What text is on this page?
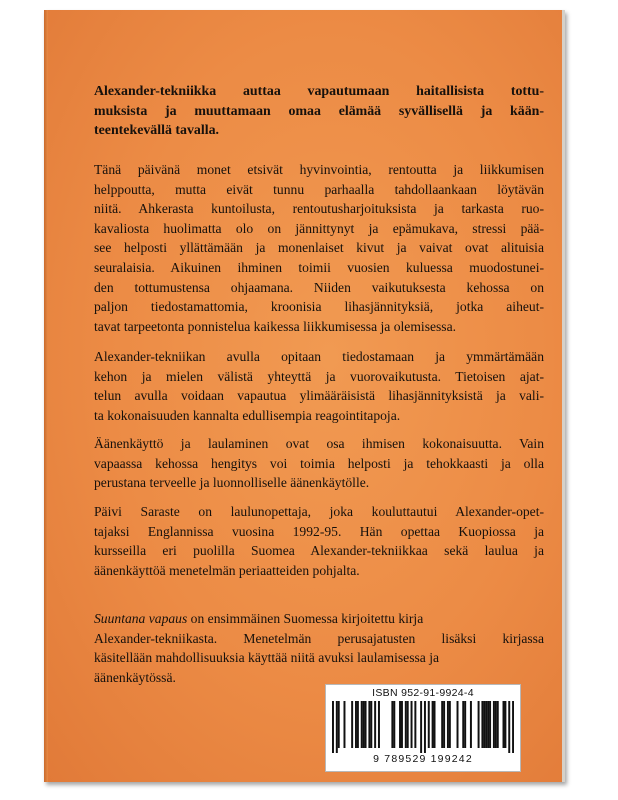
Alexander-tekniikka auttaa vapautumaan haitallisista tottu-
muksista ja muuttamaan omaa elämää syvällisellä ja kään-
teentekevällä tavalla.

Tänä päivänä monet etsivät hyvinvointia, rentoutta ja liikkumisen
helppoutta, mutta eivät tunnu parhaalla tahdollaankaan löytävän
niitä. Ahkerasta kuntoilusta, rentoutusharjoituksista ja tarkasta ruo-
kavaliosta huolimatta olo on jännittynyt ja epämukava, stressi pää-
see helposti yllättämään ja monenlaiset kivut ja vaivat ovat alituisia
seuralaisia. Aikuinen ihminen toimii vuosien kuluessa muodostunei-
den tottumustensa ohjaamana. Niiden vaikutuksesta kehossa on
paljon tiedostamattomia, kroonisia lihasjännityksiä, jotka aiheut-
tavat tarpeetonta ponnistelua kaikessa liikkumisessa ja olemisessa.

Alexander-tekniikan avulla opitaan tiedostamaan ja ymmärtämään
kehon ja mielen välistä yhteyttä ja vuorovaikutusta. Tietoisen ajat-
telun avulla voidaan vapautua ylimääräisistä lihasjännityksistä ja vali-
ta kokonaisuuden kannalta edullisempia reagointitapoja.

Äänenkäyttö ja laulaminen ovat osa ihmisen kokonaisuutta. Vain
vapaassa kehossa hengitys voi toimia helposti ja tehokkaasti ja olla
perustana terveelle ja luonnolliselle äänenkäytölle.

Päivi Saraste on laulunopettaja, joka kouluttautui Alexander-opet-
tajaksi Englannissa vuosina 1992-95. Hän opettaa Kuopiossa ja
kursseilla eri puolilla Suomea Alexander-tekniikkaa sekä laulua ja
äänenkäyttöä menetelmän periaatteiden pohjalta.

Suuntana vapaus on ensimmäinen Suomessa kirjoitettu kirja
Alexander-tekniikasta. Menetelmän perusajatusten lisäksi kirjassa
käsitellään mahdollisuuksia käyttää niitä avuksi laulamisessa ja
äänenkäytössä.

ISBN 952-91-9924-4
9 789529 199242
